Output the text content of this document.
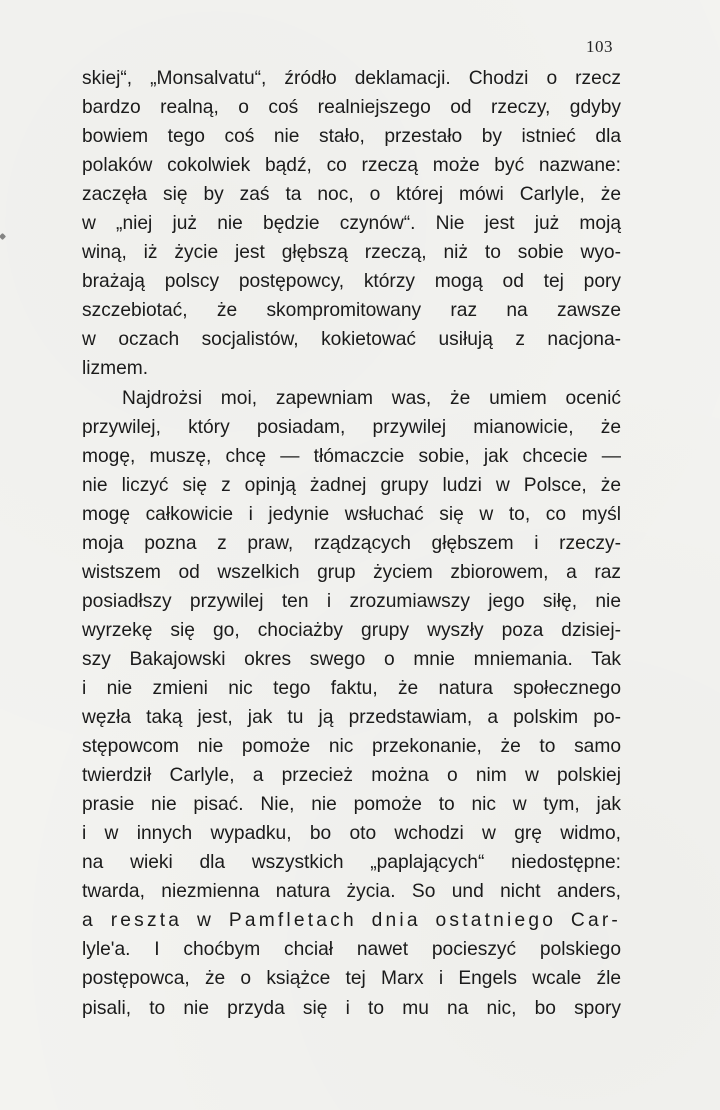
103
skiej“, „Monsalvatu“, źródło deklamacji. Chodzi o rzecz
bardzo realną, o coś realniejszego od rzeczy, gdyby
bowiem tego coś nie stało, przestało by istnieć dla
polaków cokolwiek bądź, co rzeczą może być nazwane:
zaczęła się by zaś ta noc, o której mówi Carlyle, że
w „niej już nie będzie czynów“. Nie jest już moją
winą, iż życie jest głębszą rzeczą, niż to sobie wyo-
brażają polscy postępowcy, którzy mogą od tej pory
szczebiotać, że skompromitowany raz na zawsze
w oczach socjalistów, kokietować usiłują z nacjona-
lizmem.
Najdrożsi moi, zapewniam was, że umiem ocenić
przywilej, który posiadam, przywilej mianowicie, że
mogę, muszę, chcę — tłómaczcie sobie, jak chcecie —
nie liczyć się z opinją żadnej grupy ludzi w Polsce, że
mogę całkowicie i jedynie wsłuchać się w to, co myśl
moja pozna z praw, rządzących głębszem i rzeczy-
wistszem od wszelkich grup życiem zbiorowem, a raz
posiadłszy przywilej ten i zrozumiawszy jego siłę, nie
wyrzekę się go, chociażby grupy wyszły poza dzisiej-
szy Bakajowski okres swego o mnie mniemania. Tak
i nie zmieni nic tego faktu, że natura społecznego
węzła taką jest, jak tu ją przedstawiam, a polskim po-
stępowcom nie pomoże nic przekonanie, że to samo
twierdził Carlyle, a przecież można o nim w polskiej
prasie nie pisać. Nie, nie pomoże to nic w tym, jak
i w innych wypadku, bo oto wchodzi w grę widmo,
na wieki dla wszystkich „paplających“ niedostępne:
twarda, niezmienna natura życia. So und nicht anders,
a reszta w Pamfletach dnia ostatniego Car-
lyle'a. I choćbym chciał nawet pocieszyć polskiego
postępowca, że o książce tej Marx i Engels wcale źle
pisali, to nie przyda się i to mu na nic, bo spory
